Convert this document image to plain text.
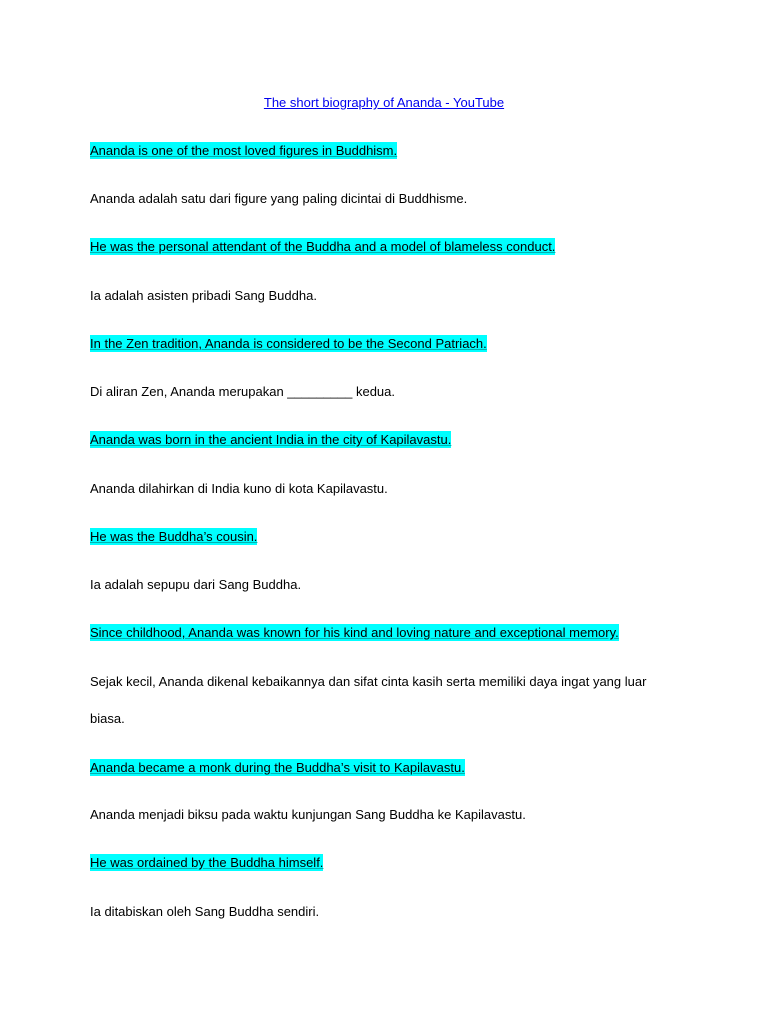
The short biography of Ananda - YouTube
Ananda is one of the most loved figures in Buddhism.
Ananda adalah satu dari figure yang paling dicintai di Buddhisme.
He was the personal attendant of the Buddha and a model of blameless conduct.
Ia adalah asisten pribadi Sang Buddha.
In the Zen tradition, Ananda is considered to be the Second Patriach.
Di aliran Zen, Ananda merupakan _________ kedua.
Ananda was born in the ancient India in the city of Kapilavastu.
Ananda dilahirkan di India kuno di kota Kapilavastu.
He was the Buddha’s cousin.
Ia adalah sepupu dari Sang Buddha.
Since childhood, Ananda was known for his kind and loving nature and exceptional memory.
Sejak kecil, Ananda dikenal kebaikannya dan sifat cinta kasih serta memiliki daya ingat yang luar
biasa.
Ananda became a monk during the Buddha’s visit to Kapilavastu.
Ananda menjadi biksu pada waktu kunjungan Sang Buddha ke Kapilavastu.
He was ordained by the Buddha himself.
Ia ditabiskan oleh Sang Buddha sendiri.
